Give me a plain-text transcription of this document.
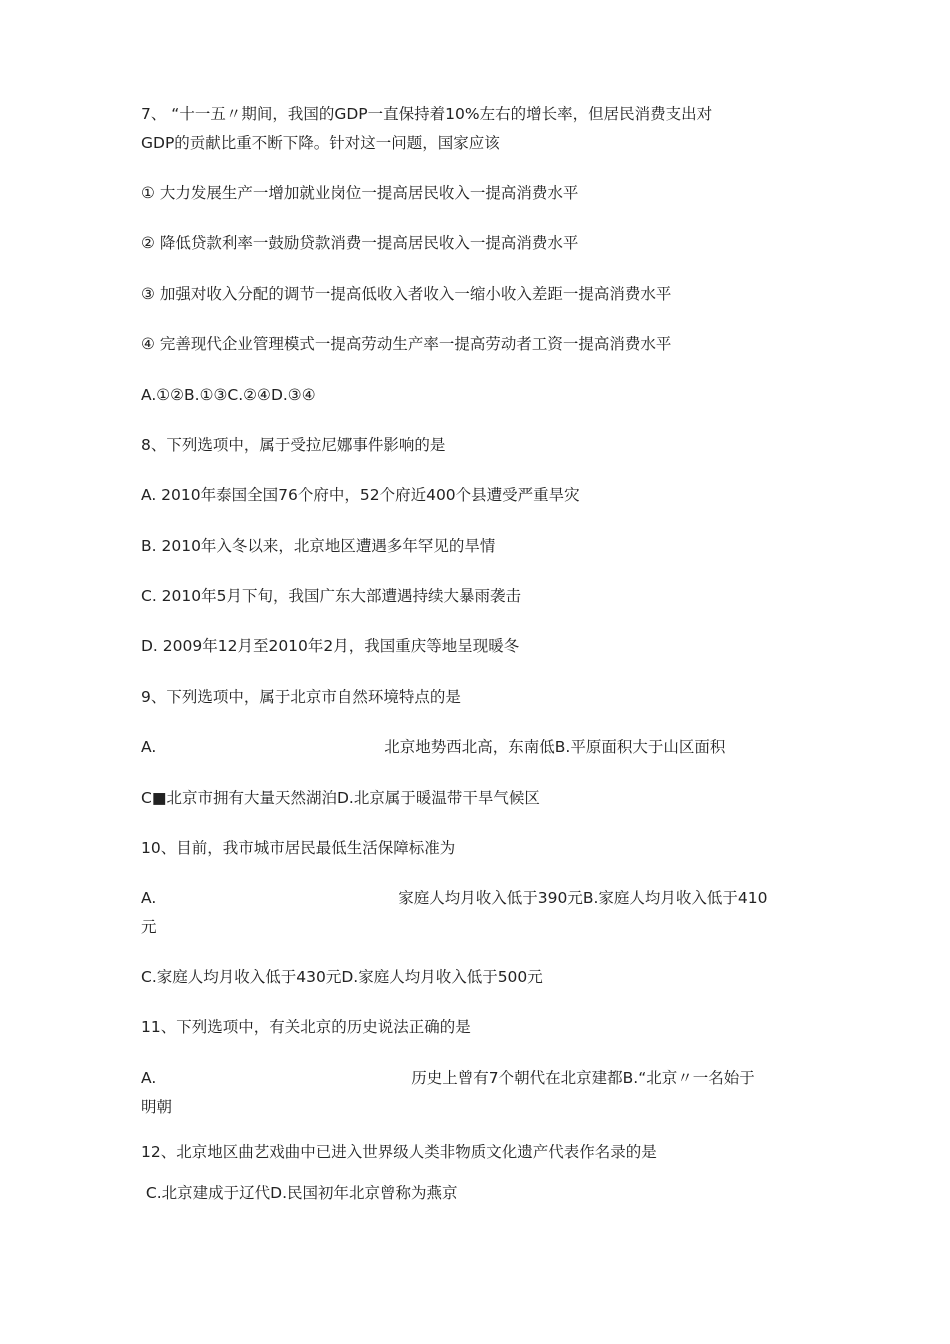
7、 “十一五〃期间，我国的GDP一直保持着10%左右的增长率，但居民消费支出对
GDP的贡献比重不断下降。针对这一问题，国家应该
① 大力发展生产一增加就业岗位一提高居民收入一提高消费水平
② 降低贷款利率一鼓励贷款消费一提高居民收入一提高消费水平
③ 加强对收入分配的调节一提高低收入者收入一缩小收入差距一提高消费水平
④ 完善现代企业管理模式一提高劳动生产率一提高劳动者工资一提高消费水平
A.①②B.①③C.②④D.③④
8、下列选项中，属于受拉尼娜事件影响的是
A. 2010年泰国全国76个府中，52个府近400个县遭受严重旱灾
B. 2010年入冬以来，北京地区遭遇多年罕见的旱情
C. 2010年5月下旬，我国广东大部遭遇持续大暴雨袭击
D. 2009年12月至2010年2月，我国重庆等地呈现暖冬
9、下列选项中，属于北京市自然环境特点的是
A.	北京地势西北高，东南低B.平原面积大于山区面积
C■北京市拥有大量天然湖泊D.北京属于暖温带干旱气候区
10、目前，我市城市居民最低生活保障标准为
A.	家庭人均月收入低于390元B.家庭人均月收入低于410
元
C.家庭人均月收入低于430元D.家庭人均月收入低于500元
11、下列选项中，有关北京的历史说法正确的是
A.	历史上曾有7个朝代在北京建都B.“北京〃一名始于
明朝
12、北京地区曲艺戏曲中已进入世界级人类非物质文化遗产代表作名录的是
C.北京建成于辽代D.民国初年北京曾称为燕京
